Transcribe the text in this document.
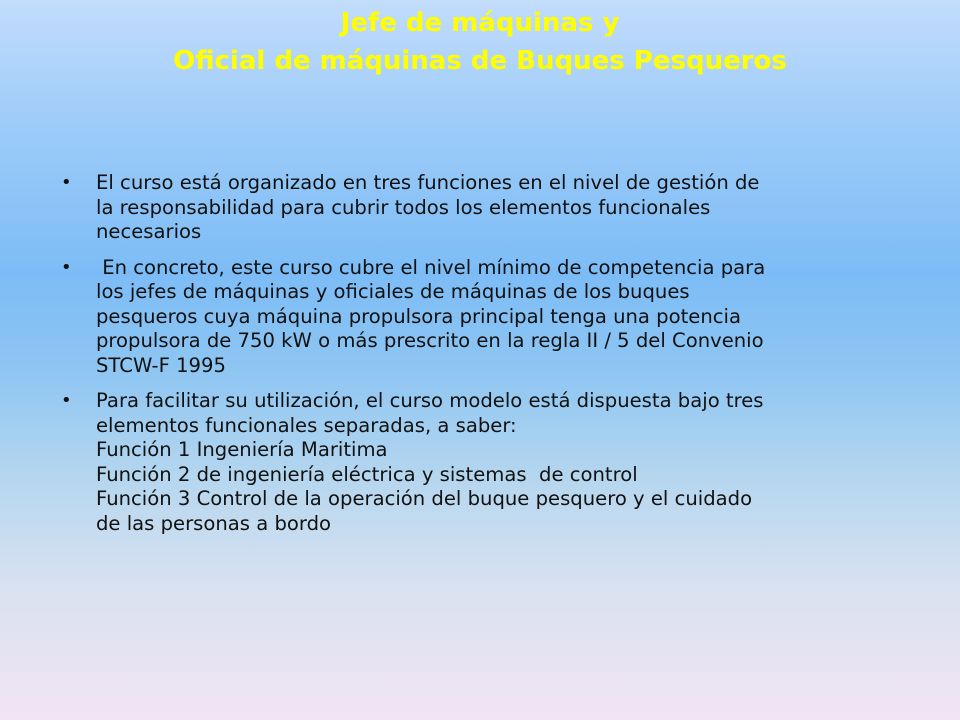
Jefe de máquinas y
Oficial de máquinas de Buques Pesqueros
• El curso está organizado en tres funciones en el nivel de gestión de
la responsabilidad para cubrir todos los elementos funcionales
necesarios
• En concreto, este curso cubre el nivel mínimo de competencia para
los jefes de máquinas y oficiales de máquinas de los buques
pesqueros cuya máquina propulsora principal tenga una potencia
propulsora de 750 kW o más prescrito en la regla II / 5 del Convenio
STCW-F 1995
• Para facilitar su utilización, el curso modelo está dispuesta bajo tres
elementos funcionales separadas, a saber:
Función 1 Ingeniería Maritima
Función 2 de ingeniería eléctrica y sistemas  de control
Función 3 Control de la operación del buque pesquero y el cuidado
de las personas a bordo
